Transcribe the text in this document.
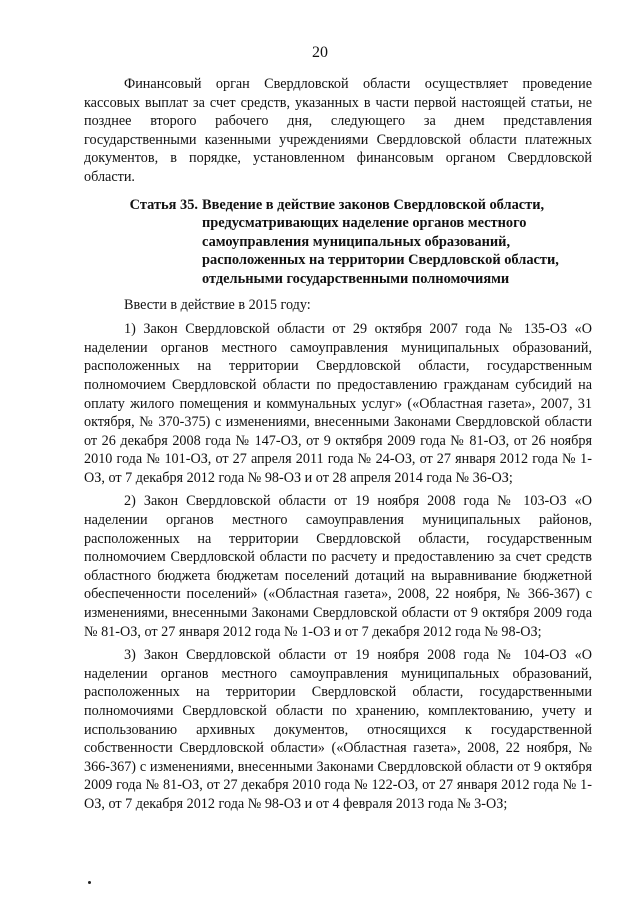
20

Финансовый орган Свердловской области осуществляет проведение кассовых выплат за счет средств, указанных в части первой настоящей статьи, не позднее второго рабочего дня, следующего за днем представления государственными казенными учреждениями Свердловской области платежных документов, в порядке, установленном финансовым органом Свердловской области.

Статья 35. Введение в действие законов Свердловской области, предусматривающих наделение органов местного самоуправления муниципальных образований, расположенных на территории Свердловской области, отдельными государственными полномочиями

Ввести в действие в 2015 году:

1) Закон Свердловской области от 29 октября 2007 года № 135-ОЗ «О наделении органов местного самоуправления муниципальных образований, расположенных на территории Свердловской области, государственным полномочием Свердловской области по предоставлению гражданам субсидий на оплату жилого помещения и коммунальных услуг» («Областная газета», 2007, 31 октября, № 370-375) с изменениями, внесенными Законами Свердловской области от 26 декабря 2008 года № 147-ОЗ, от 9 октября 2009 года № 81-ОЗ, от 26 ноября 2010 года № 101-ОЗ, от 27 апреля 2011 года № 24-ОЗ, от 27 января 2012 года № 1-ОЗ, от 7 декабря 2012 года № 98-ОЗ и от 28 апреля 2014 года № 36-ОЗ;

2) Закон Свердловской области от 19 ноября 2008 года № 103-ОЗ «О наделении органов местного самоуправления муниципальных районов, расположенных на территории Свердловской области, государственным полномочием Свердловской области по расчету и предоставлению за счет средств областного бюджета бюджетам поселений дотаций на выравнивание бюджетной обеспеченности поселений» («Областная газета», 2008, 22 ноября, № 366-367) с изменениями, внесенными Законами Свердловской области от 9 октября 2009 года № 81-ОЗ, от 27 января 2012 года № 1-ОЗ и от 7 декабря 2012 года № 98-ОЗ;

3) Закон Свердловской области от 19 ноября 2008 года № 104-ОЗ «О наделении органов местного самоуправления муниципальных образований, расположенных на территории Свердловской области, государственными полномочиями Свердловской области по хранению, комплектованию, учету и использованию архивных документов, относящихся к государственной собственности Свердловской области» («Областная газета», 2008, 22 ноября, № 366-367) с изменениями, внесенными Законами Свердловской области от 9 октября 2009 года № 81-ОЗ, от 27 декабря 2010 года № 122-ОЗ, от 27 января 2012 года № 1-ОЗ, от 7 декабря 2012 года № 98-ОЗ и от 4 февраля 2013 года № 3-ОЗ;
